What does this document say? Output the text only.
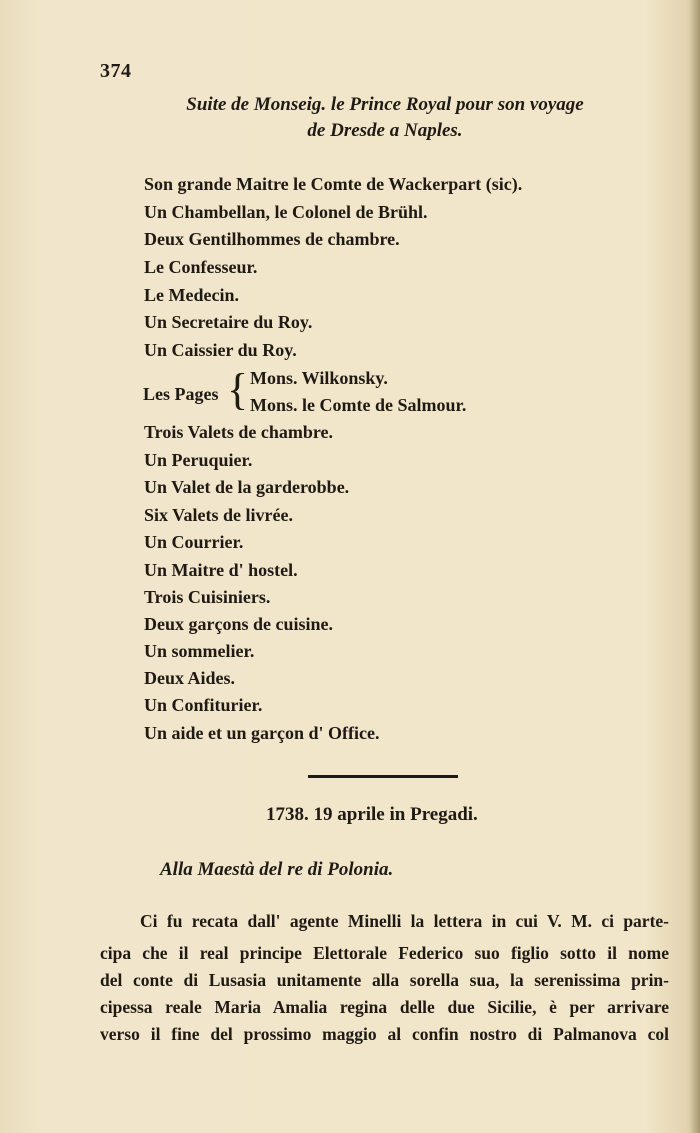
374
Suite de Monseig. le Prince Royal pour son voyage
de Dresde a Naples.
Son grande Maitre le Comte de Wackerpart (sic).
Un Chambellan, le Colonel de Brühl.
Deux Gentilhommes de chambre.
Le Confesseur.
Le Medecin.
Un Secretaire du Roy.
Un Caissier du Roy.
Les Pages { Mons. Wilkonsky.
Mons. le Comte de Salmour.
Trois Valets de chambre.
Un Peruquier.
Un Valet de la garderobbe.
Six Valets de livrée.
Un Courrier.
Un Maitre d' hostel.
Trois Cuisiniers.
Deux garçons de cuisine.
Un sommelier.
Deux Aides.
Un Confiturier.
Un aide et un garçon d' Office.
1738. 19 aprile in Pregadi.
Alla Maestà del re di Polonia.
Ci fu recata dall' agente Minelli la lettera in cui V. M. ci parte-
cipa che il real principe Elettorale Federico suo figlio sotto il nome
del conte di Lusasia unitamente alla sorella sua, la serenissima prin-
cipessa reale Maria Amalia regina delle due Sicilie, è per arrivare
verso il fine del prossimo maggio al confin nostro di Palmanova col
